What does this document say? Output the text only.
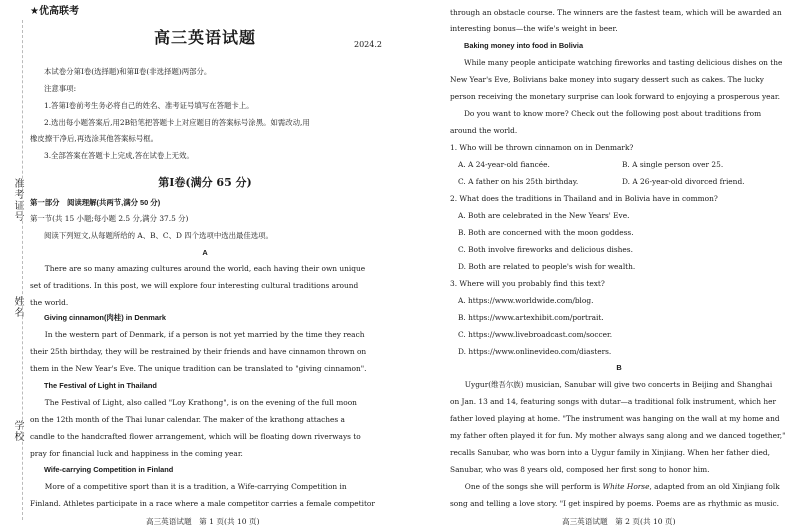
准考证号
姓名
学校
★优高联考
高三英语试题	2024.2
本试卷分第Ⅰ卷(选择题)和第Ⅱ卷(非选择题)两部分。
注意事项:
1.答第Ⅰ卷前考生务必将自己的姓名、准考证号填写在答题卡上。
2.选出每小题答案后,用2B铅笔把答题卡上对应题目的答案标号涂黑。如需改动,用
橡皮擦干净后,再选涂其他答案标号框。
3.全部答案在答题卡上完成,答在试卷上无效。
第Ⅰ卷(满分 65 分)
第一部分　阅读理解(共两节,满分 50 分)
第一节(共 15 小题;每小题 2.5 分,满分 37.5 分)
阅读下列短文,从每题所给的 A、B、C、D 四个选项中选出最佳选项。
A
There are so many amazing cultures around the world, each having their own unique
set of traditions. In this post, we will explore four interesting cultural traditions around
the world.
Giving cinnamon(肉桂) in Denmark
In the western part of Denmark, if a person is not yet married by the time they reach
their 25th birthday, they will be restrained by their friends and have cinnamon thrown on
them in the New Year's Eve. The unique tradition can be translated to "giving cinnamon".
The Festival of Light in Thailand
The Festival of Light, also called "Loy Krathong", is on the evening of the full moon
on the 12th month of the Thai lunar calendar. The maker of the krathong attaches a
candle to the handcrafted flower arrangement, which will be floating down riverways to
pray for financial luck and happiness in the coming year.
Wife-carrying Competition in Finland
More of a competitive sport than it is a tradition, a Wife-carrying Competition in
Finland. Athletes participate in a race where a male competitor carries a female competitor
through an obstacle course. The winners are the fastest team, which will be awarded an
interesting bonus—the wife's weight in beer.
Baking money into food in Bolivia
While many people anticipate watching fireworks and tasting delicious dishes on the
New Year's Eve, Bolivians bake money into sugary dessert such as cakes. The lucky
person receiving the monetary surprise can look forward to enjoying a prosperous year.
Do you want to know more? Check out the following post about traditions from
around the world.
1. Who will be thrown cinnamon on in Denmark?
A. A 24-year-old fiancée.	B. A single person over 25.
C. A father on his 25th birthday.	D. A 26-year-old divorced friend.
2. What does the traditions in Thailand and in Bolivia have in common?
A. Both are celebrated in the New Years' Eve.
B. Both are concerned with the moon goddess.
C. Both involve fireworks and delicious dishes.
D. Both are related to people's wish for wealth.
3. Where will you probably find this text?
A. https://www.worldwide.com/blog.
B. https://www.artexhibit.com/portrait.
C. https://www.livebroadcast.com/soccer.
D. https://www.onlinevideo.com/diasters.
B
Uygur(维吾尔族) musician, Sanubar will give two concerts in Beijing and Shanghai
on Jan. 13 and 14, featuring songs with dutar—a traditional folk instrument, which her
father loved playing at home. "The instrument was hanging on the wall at my home and
my father often played it for fun. My mother always sang along and we danced together,"
recalls Sanubar, who was born into a Uygur family in Xinjiang. When her father died,
Sanubar, who was 8 years old, composed her first song to honor him.
One of the songs she will perform is White Horse, adapted from an old Xinjiang folk
song and telling a love story. "I get inspired by poems. Poems are as rhythmic as music.
高三英语试题　第 1 页(共 10 页)	高三英语试题　第 2 页(共 10 页)
